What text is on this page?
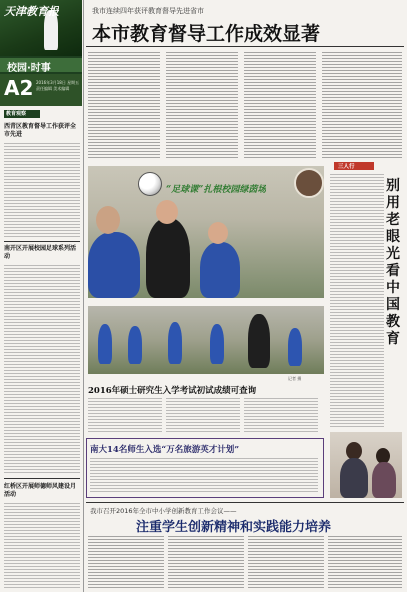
天津教育报
校园·时事
A2 2016年3月18日 星期五 责任编辑 美术编辑
教育观察
西青区教育督导工作获评全市先进
南开区开展校园足球系列活动
红桥区开展师德师风建设月活动
我市连续四年获评教育督导先进省市
本市教育督导工作成效显著
“足球课”扎根校园绿茵场
记者 摄
2016年硕士研究生入学考试初试成绩可查询
南大14名师生入选“万名旅游英才计划”
三人行
别用老眼光看中国教育
我市召开2016年全市中小学创新教育工作会议——
注重学生创新精神和实践能力培养
